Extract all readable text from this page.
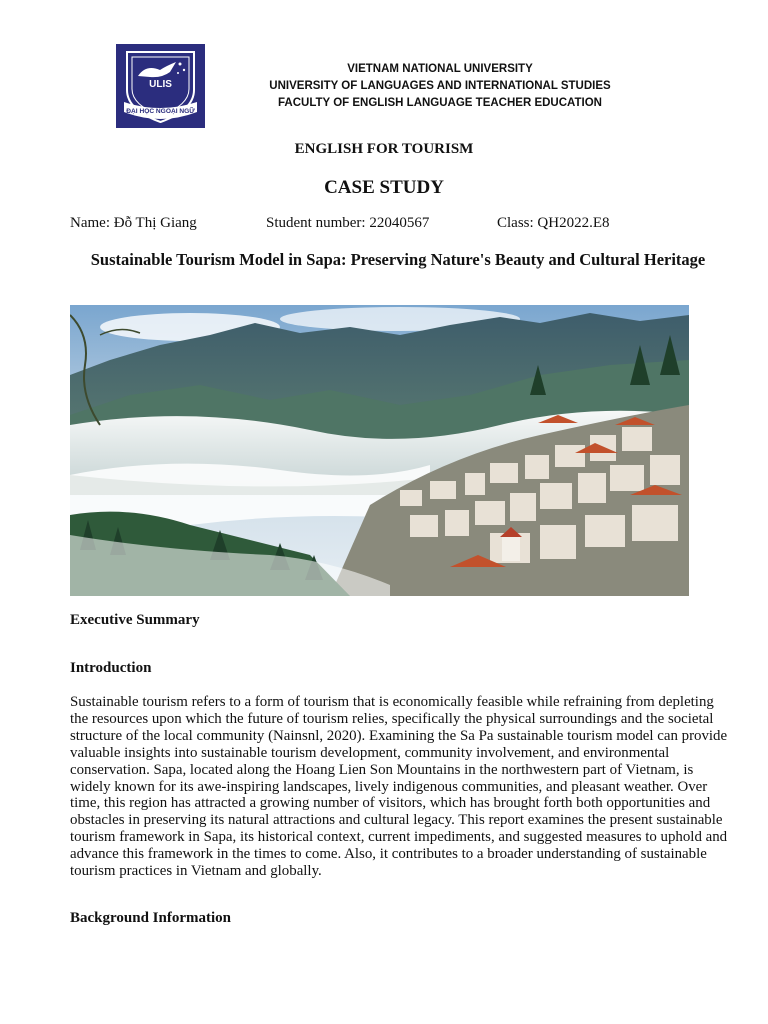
ULIS
ĐẠI HỌC NGOẠI NGỮ
VIETNAM NATIONAL UNIVERSITY
UNIVERSITY OF LANGUAGES AND INTERNATIONAL STUDIES
FACULTY OF ENGLISH LANGUAGE TEACHER EDUCATION
ENGLISH FOR TOURISM
CASE STUDY
Name: Đỗ Thị Giang	Student number: 22040567	Class: QH2022.E8
Sustainable Tourism Model in Sapa: Preserving Nature's Beauty and Cultural Heritage
Executive Summary
Introduction

Sustainable tourism refers to a form of tourism that is economically feasible while refraining from depleting the resources upon which the future of tourism relies, specifically the physical surroundings and the societal structure of the local community (Nainsnl, 2020). Examining the Sa Pa sustainable tourism model can provide valuable insights into sustainable tourism development, community involvement, and environmental conservation. Sapa, located along the Hoang Lien Son Mountains in the northwestern part of Vietnam, is widely known for its awe-inspiring landscapes, lively indigenous communities, and pleasant weather. Over time, this region has attracted a growing number of visitors, which has brought forth both opportunities and obstacles in preserving its natural attractions and cultural legacy. This report examines the present sustainable tourism framework in Sapa, its historical context, current impediments, and suggested measures to uphold and advance this framework in the times to come. Also, it contributes to a broader understanding of sustainable tourism practices in Vietnam and globally.

Background Information
